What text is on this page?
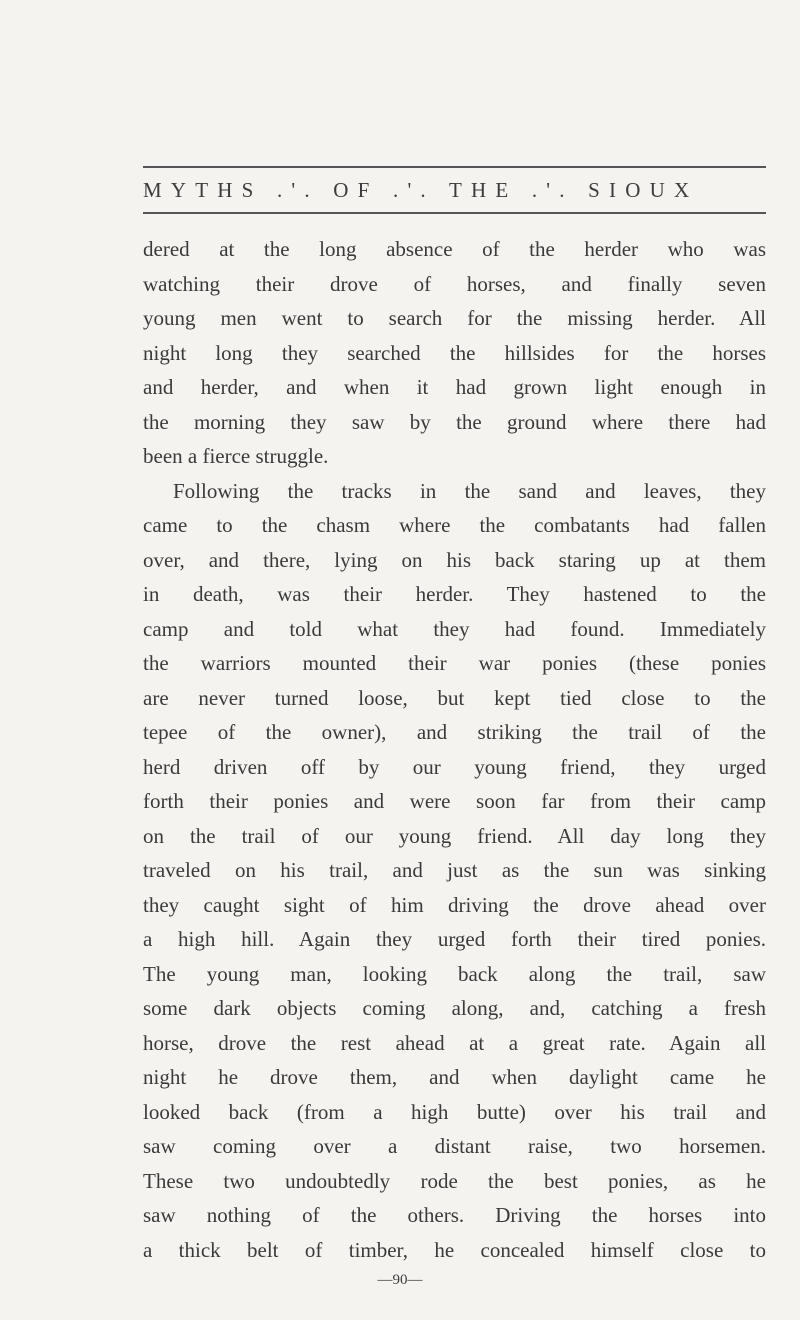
MYTHS .'. OF .'. THE .'. SIOUX
dered at the long absence of the herder who was
watching their drove of horses, and finally seven
young men went to search for the missing herder. All
night long they searched the hillsides for the horses
and herder, and when it had grown light enough in
the morning they saw by the ground where there had
been a fierce struggle.
Following the tracks in the sand and leaves, they
came to the chasm where the combatants had fallen
over, and there, lying on his back staring up at them
in death, was their herder. They hastened to the
camp and told what they had found. Immediately
the warriors mounted their war ponies (these ponies
are never turned loose, but kept tied close to the
tepee of the owner), and striking the trail of the
herd driven off by our young friend, they urged
forth their ponies and were soon far from their camp
on the trail of our young friend. All day long they
traveled on his trail, and just as the sun was sinking
they caught sight of him driving the drove ahead over
a high hill. Again they urged forth their tired ponies.
The young man, looking back along the trail, saw
some dark objects coming along, and, catching a fresh
horse, drove the rest ahead at a great rate. Again all
night he drove them, and when daylight came he
looked back (from a high butte) over his trail and
saw coming over a distant raise, two horsemen.
These two undoubtedly rode the best ponies, as he
saw nothing of the others. Driving the horses into
a thick belt of timber, he concealed himself close to
—90—
